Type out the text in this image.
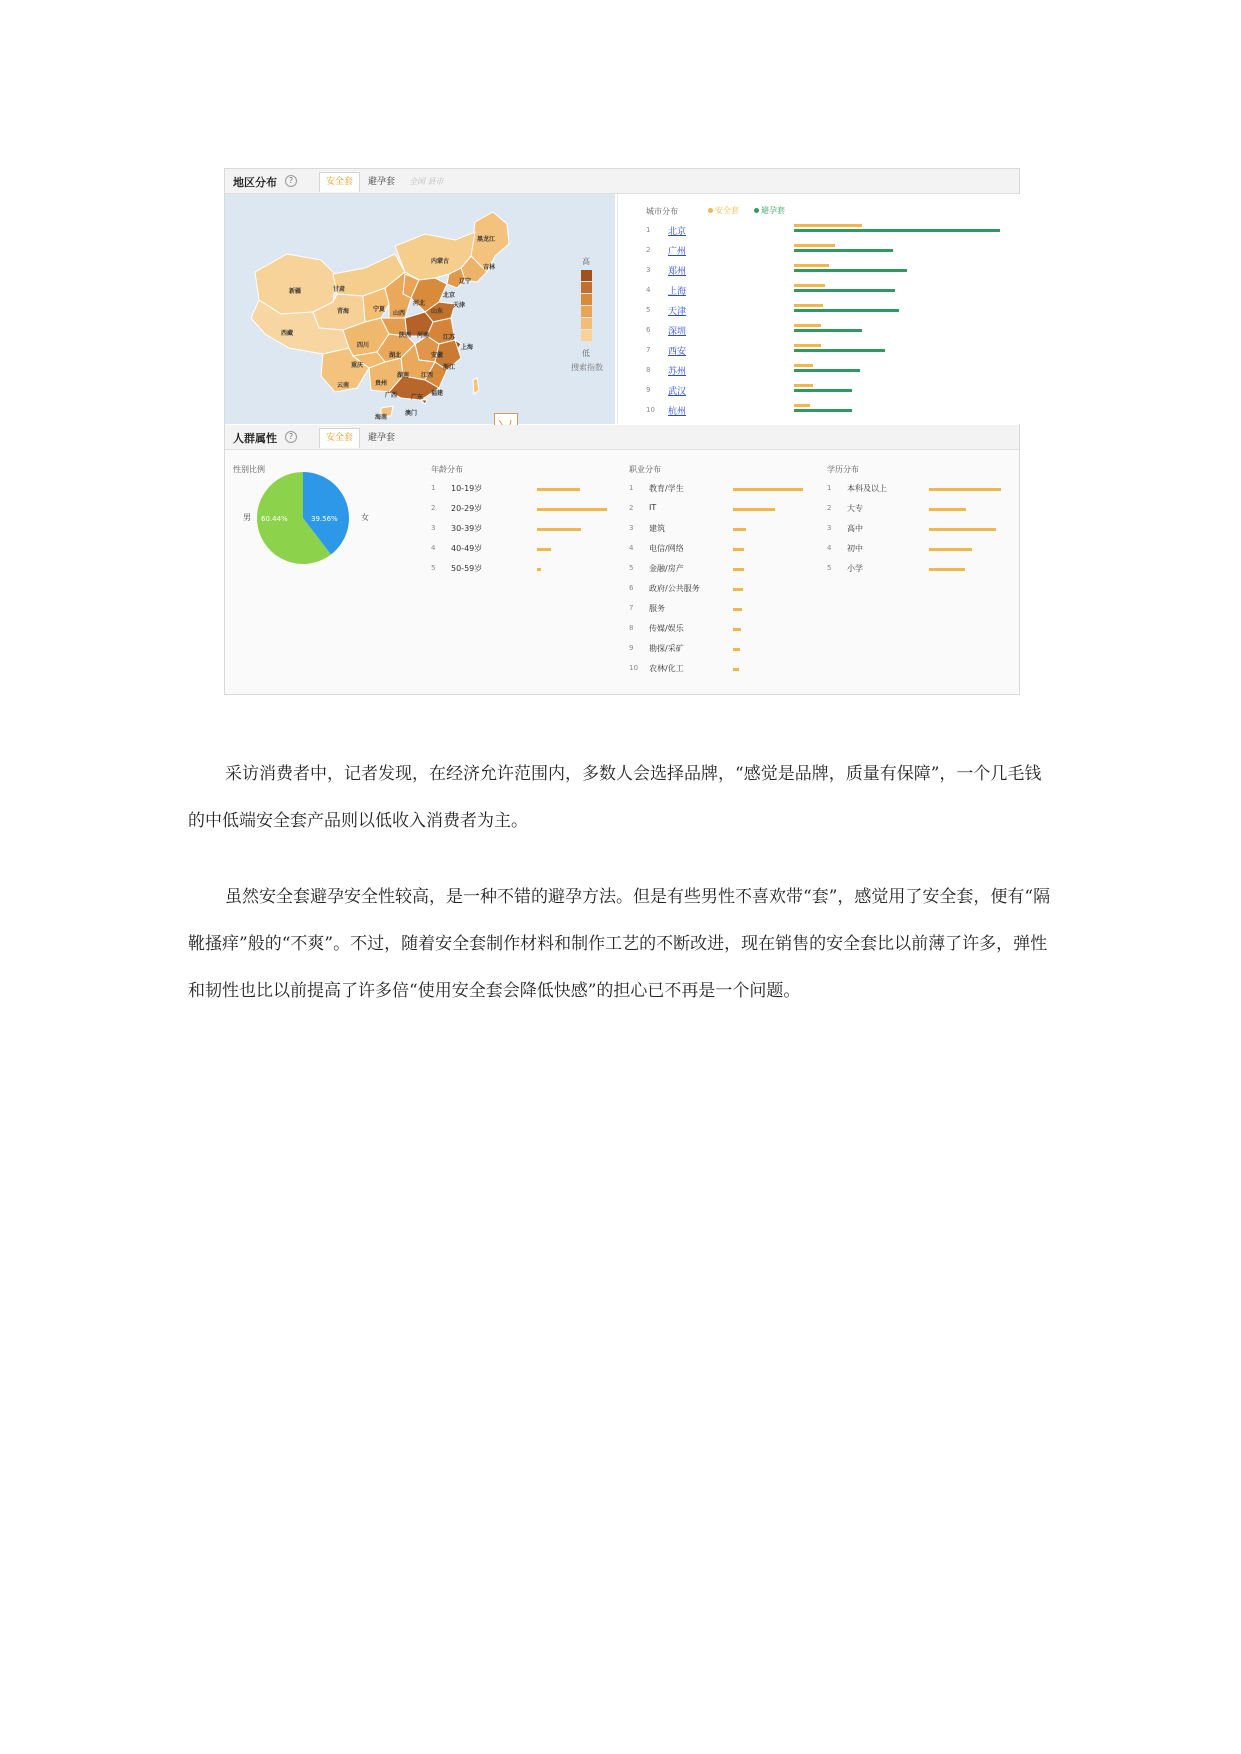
地区分布	?	安全套	避孕套	全国 县市
黑龙江
吉林
辽宁
内蒙古
北京
天津
新疆	甘肃
青海	宁夏
山西
河北
山东
西藏
四川
陕西 河南 江苏
上海
安徽
湖北
重庆
贵州
湖南 江西
浙江
云南
广西 广东
福建
澳门
海南
高
低
搜索指数
城市分布	安全套	避孕套
1	北京
2	广州
3	郑州
4	上海
5	天津
6	深圳
7	西安
8	苏州
9	武汉
10	杭州
人群属性	?	安全套	避孕套
性别比例
男	女
60.44%	39.56%
年龄分布	职业分布	学历分布
1	10-19岁
2	20-29岁
3	30-39岁
4	40-49岁
5	50-59岁
1	教育/学生
2	IT
3	建筑
4	电信/网络
5	金融/房产
6	政府/公共服务
7	服务
8	传媒/娱乐
9	勘探/采矿
10	农林/化工
1	本科及以上
2	大专
3	高中
4	初中
5	小学

采访消费者中，记者发现，在经济允许范围内，多数人会选择品牌，“感觉是品牌，质量有保障”，一个几毛钱的中低端安全套产品则以低收入消费者为主。

虽然安全套避孕安全性较高，是一种不错的避孕方法。但是有些男性不喜欢带“套”，感觉用了安全套，便有“隔靴搔痒”般的“不爽”。不过，随着安全套制作材料和制作工艺的不断改进，现在销售的安全套比以前薄了许多，弹性和韧性也比以前提高了许多倍“使用安全套会降低快感”的担心已不再是一个问题。
